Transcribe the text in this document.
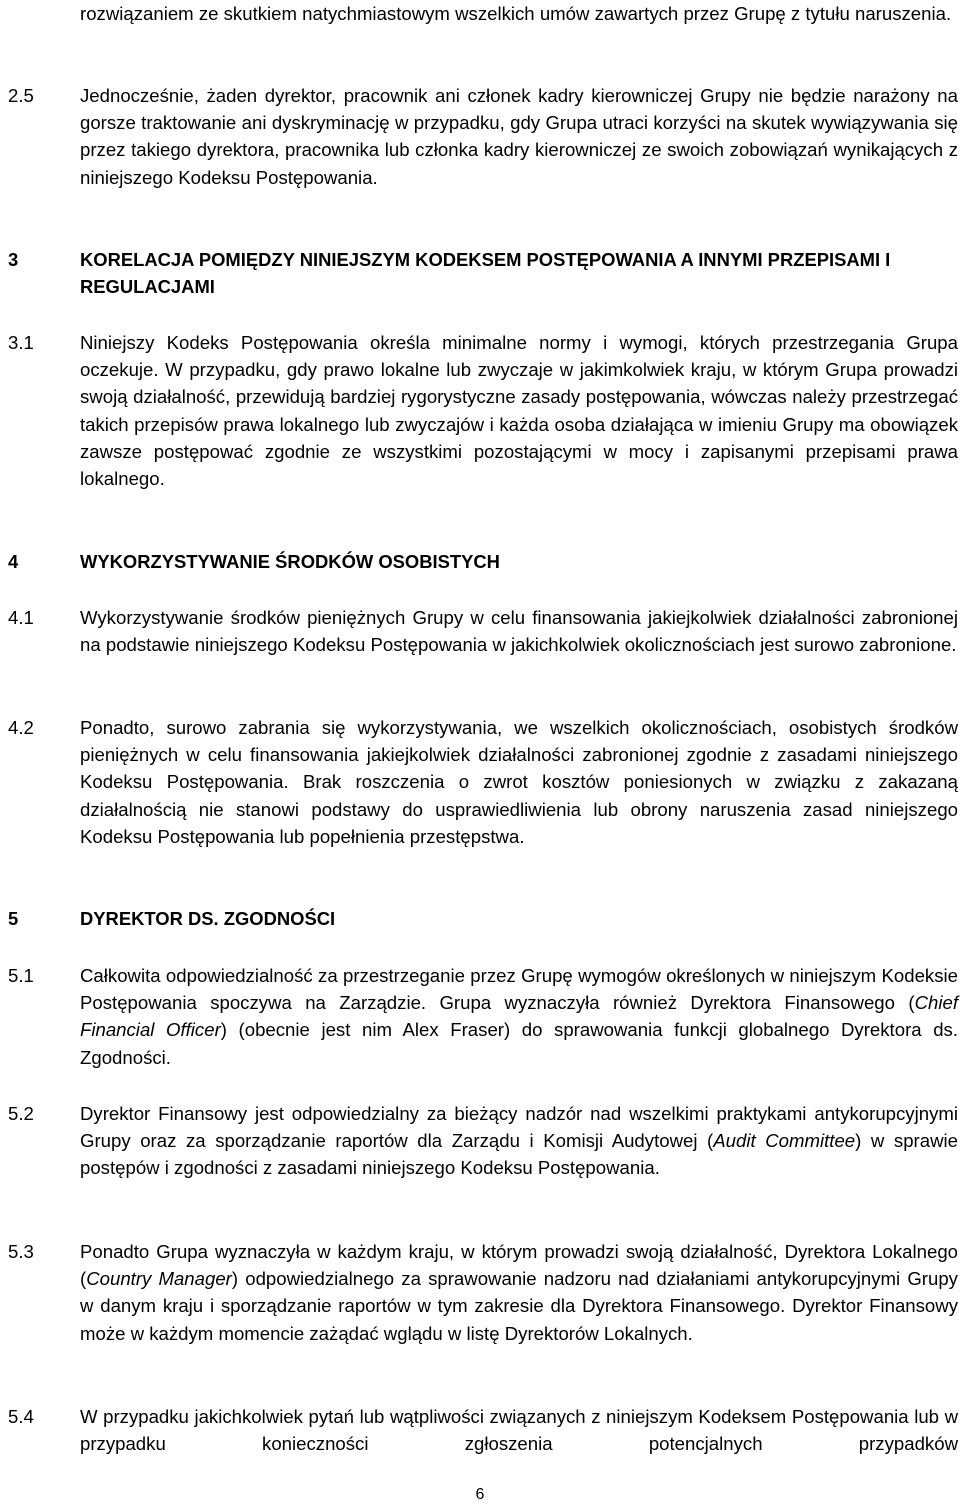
rozwiązaniem ze skutkiem natychmiastowym wszelkich umów zawartych przez Grupę z tytułu naruszenia.
2.5	Jednocześnie, żaden dyrektor, pracownik ani członek kadry kierowniczej Grupy nie będzie narażony na gorsze traktowanie ani dyskryminację w przypadku, gdy Grupa utraci korzyści na skutek wywiązywania się przez takiego dyrektora, pracownika lub członka kadry kierowniczej ze swoich zobowiązań wynikających z niniejszego Kodeksu Postępowania.
3	KORELACJA POMIĘDZY NINIEJSZYM KODEKSEM POSTĘPOWANIA A INNYMI PRZEPISAMI I REGULACJAMI
3.1	Niniejszy Kodeks Postępowania określa minimalne normy i wymogi, których przestrzegania Grupa oczekuje. W przypadku, gdy prawo lokalne lub zwyczaje w jakimkolwiek kraju, w którym Grupa prowadzi swoją działalność, przewidują bardziej rygorystyczne zasady postępowania, wówczas należy przestrzegać takich przepisów prawa lokalnego lub zwyczajów i każda osoba działająca w imieniu Grupy ma obowiązek zawsze postępować zgodnie ze wszystkimi pozostającymi w mocy i zapisanymi przepisami prawa lokalnego.
4	WYKORZYSTYWANIE ŚRODKÓW OSOBISTYCH
4.1	Wykorzystywanie środków pieniężnych Grupy w celu finansowania jakiejkolwiek działalności zabronionej na podstawie niniejszego Kodeksu Postępowania w jakichkolwiek okolicznościach jest surowo zabronione.
4.2	Ponadto, surowo zabrania się wykorzystywania, we wszelkich okolicznościach, osobistych środków pieniężnych w celu finansowania jakiejkolwiek działalności zabronionej zgodnie z zasadami niniejszego Kodeksu Postępowania. Brak roszczenia o zwrot kosztów poniesionych w związku z zakazaną działalnością nie stanowi podstawy do usprawiedliwienia lub obrony naruszenia zasad niniejszego Kodeksu Postępowania lub popełnienia przestępstwa.
5	DYREKTOR DS. ZGODNOŚCI
5.1	Całkowita odpowiedzialność za przestrzeganie przez Grupę wymogów określonych w niniejszym Kodeksie Postępowania spoczywa na Zarządzie. Grupa wyznaczyła również Dyrektora Finansowego (Chief Financial Officer) (obecnie jest nim Alex Fraser) do sprawowania funkcji globalnego Dyrektora ds. Zgodności.
5.2	Dyrektor Finansowy jest odpowiedzialny za bieżący nadzór nad wszelkimi praktykami antykorupcyjnymi Grupy oraz za sporządzanie raportów dla Zarządu i Komisji Audytowej (Audit Committee) w sprawie postępów i zgodności z zasadami niniejszego Kodeksu Postępowania.
5.3	Ponadto Grupa wyznaczyła w każdym kraju, w którym prowadzi swoją działalność, Dyrektora Lokalnego (Country Manager) odpowiedzialnego za sprawowanie nadzoru nad działaniami antykorupcyjnymi Grupy w danym kraju i sporządzanie raportów w tym zakresie dla Dyrektora Finansowego. Dyrektor Finansowy może w każdym momencie zażądać wglądu w listę Dyrektorów Lokalnych.
5.4	W przypadku jakichkolwiek pytań lub wątpliwości związanych z niniejszym Kodeksem Postępowania lub w przypadku konieczności zgłoszenia potencjalnych przypadków
6
